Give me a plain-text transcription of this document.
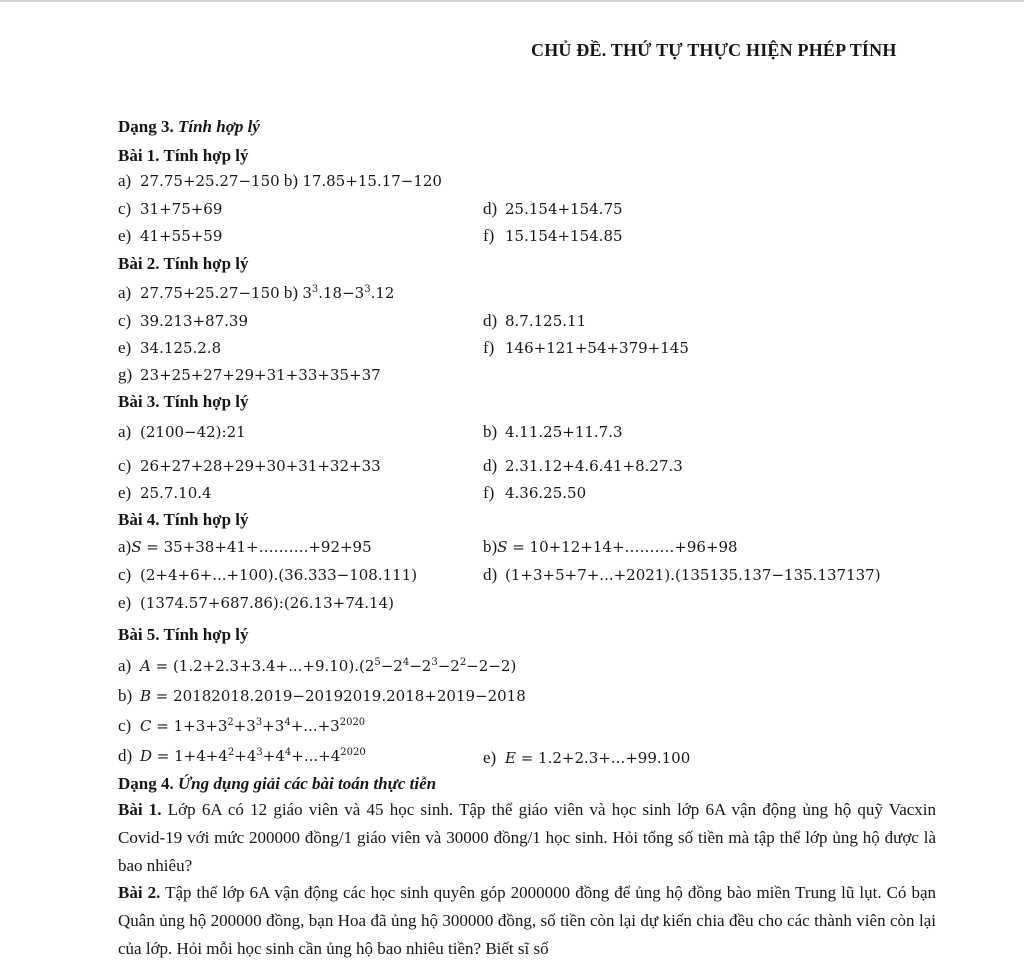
CHỦ ĐỀ. THỨ TỰ THỰC HIỆN PHÉP TÍNH
Dạng 3. Tính hợp lý
Bài 1. Tính hợp lý
a) 27.75+25.27−150 b) 17.85+15.17−120
c) 31+75+69	d) 25.154+154.75
e) 41+55+59	f) 15.154+154.85
Bài 2. Tính hợp lý
a) 27.75+25.27−150 b) $3^3.18-3^3.12$
c) 39.213+87.39	d) 8.7.125.11
e) 34.125.2.8	f) 146+121+54+379+145
g) 23+25+27+29+31+33+35+37
Bài 3. Tính hợp lý
a) (2100−42):21	b) 4.11.25+11.7.3
c) 26+27+28+29+30+31+32+33	d) 2.31.12+4.6.41+8.27.3
e) 25.7.10.4	f) 4.36.25.50
Bài 4. Tính hợp lý
a)S = 35+38+41+……….+92+95	b)S = 10+12+14+……….+96+98
c) (2+4+6+...+100).(36.333−108.111)	d) (1+3+5+7+...+2021).(135135.137−135.137137)
e) (1374.57+687.86):(26.13+74.14)
Bài 5. Tính hợp lý
a) $A = (1.2+2.3+3.4+...+9.10).(2^5-2^4-2^3-2^2-2-2)$
b) B = 20182018.2019−20192019.2018+2019−2018
c) $C = 1+3+3^2+3^3+3^4+...+3^{2020}$
d) $D = 1+4+4^2+4^3+4^4+...+4^{2020}$	e) E = 1.2+2.3+...+99.100
Dạng 4. Ứng dụng giải các bài toán thực tiễn
Bài 1. Lớp 6A có 12 giáo viên và 45 học sinh. Tập thể giáo viên và học sinh lớp 6A vận động ủng hộ quỹ Vacxin Covid-19 với mức 200000 đồng/1 giáo viên và 30000 đồng/1 học sinh. Hỏi tổng số tiền mà tập thể lớp ủng hộ được là bao nhiêu?
Bài 2. Tập thể lớp 6A vận động các học sinh quyên góp 2000000 đồng để ủng hộ đồng bào miền Trung lũ lụt. Có bạn Quân ủng hộ 200000 đồng, bạn Hoa đã ủng hộ 300000 đồng, số tiền còn lại dự kiến chia đều cho các thành viên còn lại của lớp. Hỏi mỗi học sinh cần ủng hộ bao nhiêu tiền? Biết sĩ số
